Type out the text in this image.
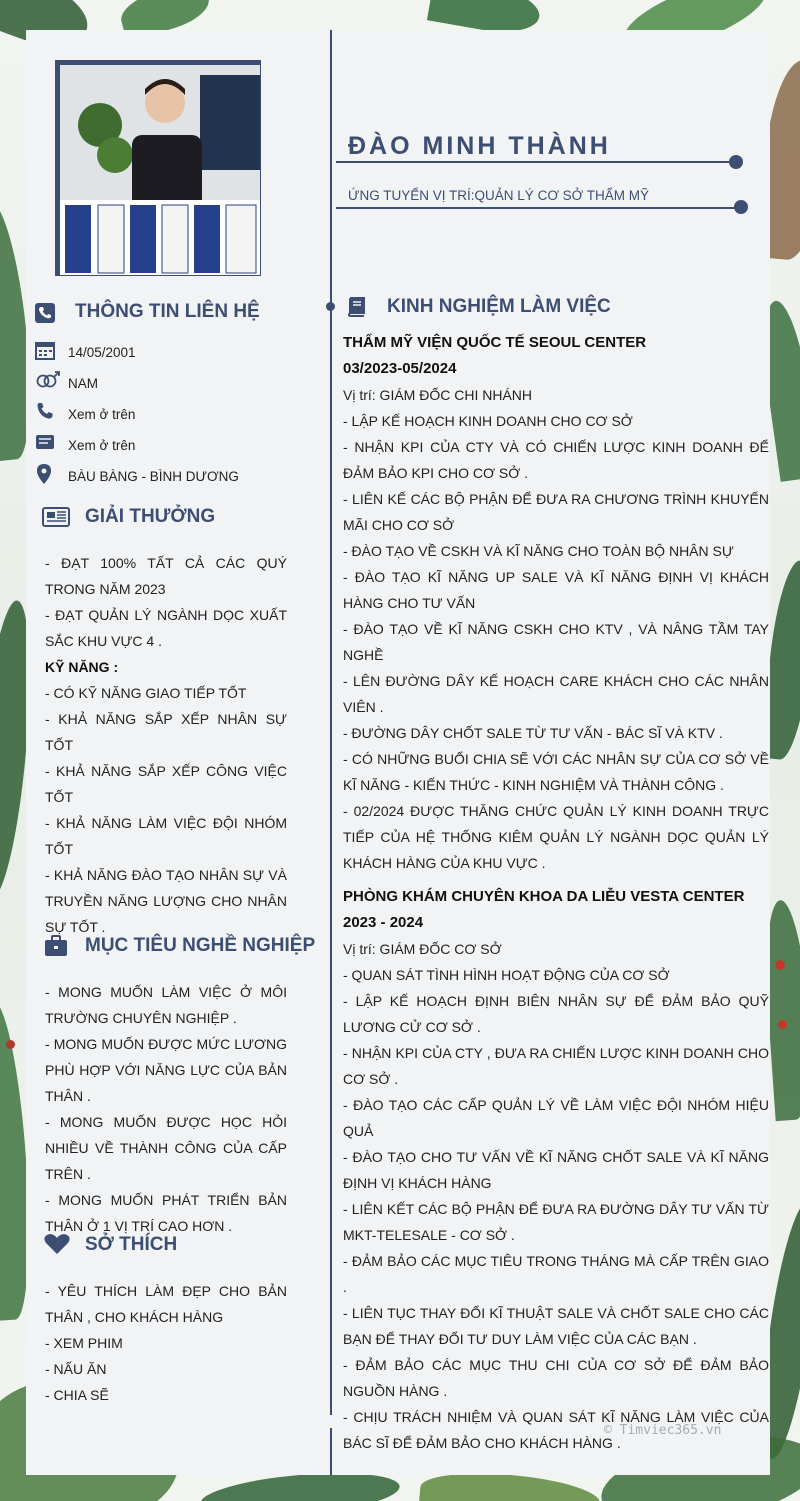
ĐÀO MINH THÀNH
ỨNG TUYỂN VỊ TRÍ:QUẢN LÝ CƠ SỞ THẨM MỸ
THÔNG TIN LIÊN HỆ
14/05/2001
NAM
Xem ở trên
Xem ở trên
BÀU BÀNG - BÌNH DƯƠNG
GIẢI THƯỞNG
- ĐẠT 100% TẤT CẢ CÁC QUÝ TRONG NĂM 2023
- ĐẠT QUẢN LÝ NGÀNH DỌC XUẤT SẮC KHU VỰC 4 .
KỸ NĂNG :
- CÓ KỸ NĂNG GIAO TIẾP TỐT
- KHẢ NĂNG SẮP XẾP NHÂN SỰ TỐT
- KHẢ NĂNG SẮP XẾP CÔNG VIỆC TỐT
- KHẢ NĂNG LÀM VIỆC ĐỘI NHÓM TỐT
- KHẢ NĂNG ĐÀO TẠO NHÂN SỰ VÀ TRUYỀN NĂNG LƯỢNG CHO NHÂN SỰ TỐT .
MỤC TIÊU NGHỀ NGHIỆP
- MONG MUỐN LÀM VIỆC Ở MÔI TRƯỜNG CHUYÊN NGHIỆP .
- MONG MUỐN ĐƯỢC MỨC LƯƠNG PHÙ HỢP VỚI NĂNG LỰC CỦA BẢN THÂN .
- MONG MUỐN ĐƯỢC HỌC HỎI NHIỀU VỀ THÀNH CÔNG CỦA CẤP TRÊN .
- MONG MUỐN PHÁT TRIỂN BẢN THÂN Ở 1 VỊ TRÍ CAO HƠN .
SỞ THÍCH
- YÊU THÍCH LÀM ĐẸP CHO BẢN THÂN , CHO KHÁCH HÀNG
- XEM PHIM
- NẤU ĂN
- CHIA SẼ
KINH NGHIỆM LÀM VIỆC
THẨM MỸ VIỆN QUỐC TẾ SEOUL CENTER
03/2023-05/2024
Vị trí: GIÁM ĐỐC CHI NHÁNH
- LẬP KẾ HOẠCH KINH DOANH CHO CƠ SỞ
- NHẬN KPI CỦA CTY VÀ CÓ CHIẾN LƯỢC KINH DOANH ĐỂ ĐẢM BẢO KPI CHO CƠ SỞ .
- LIÊN KẾ CÁC BỘ PHẬN ĐỂ ĐƯA RA CHƯƠNG TRÌNH KHUYẾN MÃI CHO CƠ SỞ
- ĐÀO TẠO VỀ CSKH VÀ KĨ NĂNG CHO TOÀN BỘ NHÂN SỰ
- ĐÀO TẠO KĨ NĂNG UP SALE VÀ KĨ NĂNG ĐỊNH VỊ KHÁCH HÀNG CHO TƯ VẤN
- ĐÀO TẠO VỀ KĨ NĂNG CSKH CHO KTV , VÀ NÂNG TẦM TAY NGHỀ
- LÊN ĐƯỜNG DÂY KẾ HOẠCH CARE KHÁCH CHO CÁC NHÂN VIÊN .
- ĐƯỜNG DÂY CHỐT SALE TỪ TƯ VẤN - BÁC SĨ VÀ KTV .
- CÓ NHỮNG BUỔI CHIA SẼ VỚI CÁC NHÂN SỰ CỦA CƠ SỞ VỀ KĨ NĂNG - KIẾN THỨC - KINH NGHIỆM VÀ THÀNH CÔNG .
- 02/2024 ĐƯỢC THĂNG CHỨC QUẢN LÝ KINH DOANH TRỰC TIẾP CỦA HỆ THỐNG KIÊM QUẢN LÝ NGÀNH DỌC QUẢN LÝ KHÁCH HÀNG CỦA KHU VỰC .
PHÒNG KHÁM CHUYÊN KHOA DA LIỄU VESTA CENTER
2023 - 2024
Vị trí: GIÁM ĐỐC CƠ SỞ
- QUAN SÁT TÌNH HÌNH HOẠT ĐỘNG CỦA CƠ SỞ
- LẬP KẾ HOẠCH ĐỊNH BIÊN NHÂN SỰ ĐỂ ĐẢM BẢO QUỸ LƯƠNG CỬ CƠ SỞ .
- NHẬN KPI CỦA CTY , ĐƯA RA CHIẾN LƯỢC KINH DOANH CHO CƠ SỞ .
- ĐÀO TẠO CÁC CẤP QUẢN LÝ VỀ LÀM VIỆC ĐỘI NHÓM HIỆU QUẢ
- ĐÀO TẠO CHO TƯ VẤN VỀ KĨ NĂNG CHỐT SALE VÀ KĨ NĂNG ĐỊNH VỊ KHÁCH HÀNG
- LIÊN KẾT CÁC BỘ PHẬN ĐỂ ĐƯA RA ĐƯỜNG DÂY TƯ VẤN TỪ MKT-TELESALE - CƠ SỞ .
- ĐẢM BẢO CÁC MỤC TIÊU TRONG THÁNG MÀ CẤP TRÊN GIAO .
- LIÊN TỤC THAY ĐỔI KĨ THUẬT SALE VÀ CHỐT SALE CHO CÁC BẠN ĐỂ THAY ĐỔI TƯ DUY LÀM VIỆC CỦA CÁC BẠN .
- ĐẢM BẢO CÁC MỤC THU CHI CỦA CƠ SỞ ĐỂ ĐẢM BẢO NGUỒN HÀNG .
- CHỊU TRÁCH NHIỆM VÀ QUAN SÁT KĨ NĂNG LÀM VIỆC CỦA BÁC SĨ ĐỂ ĐẢM BẢO CHO KHÁCH HÀNG .
© Timviec365.vn
